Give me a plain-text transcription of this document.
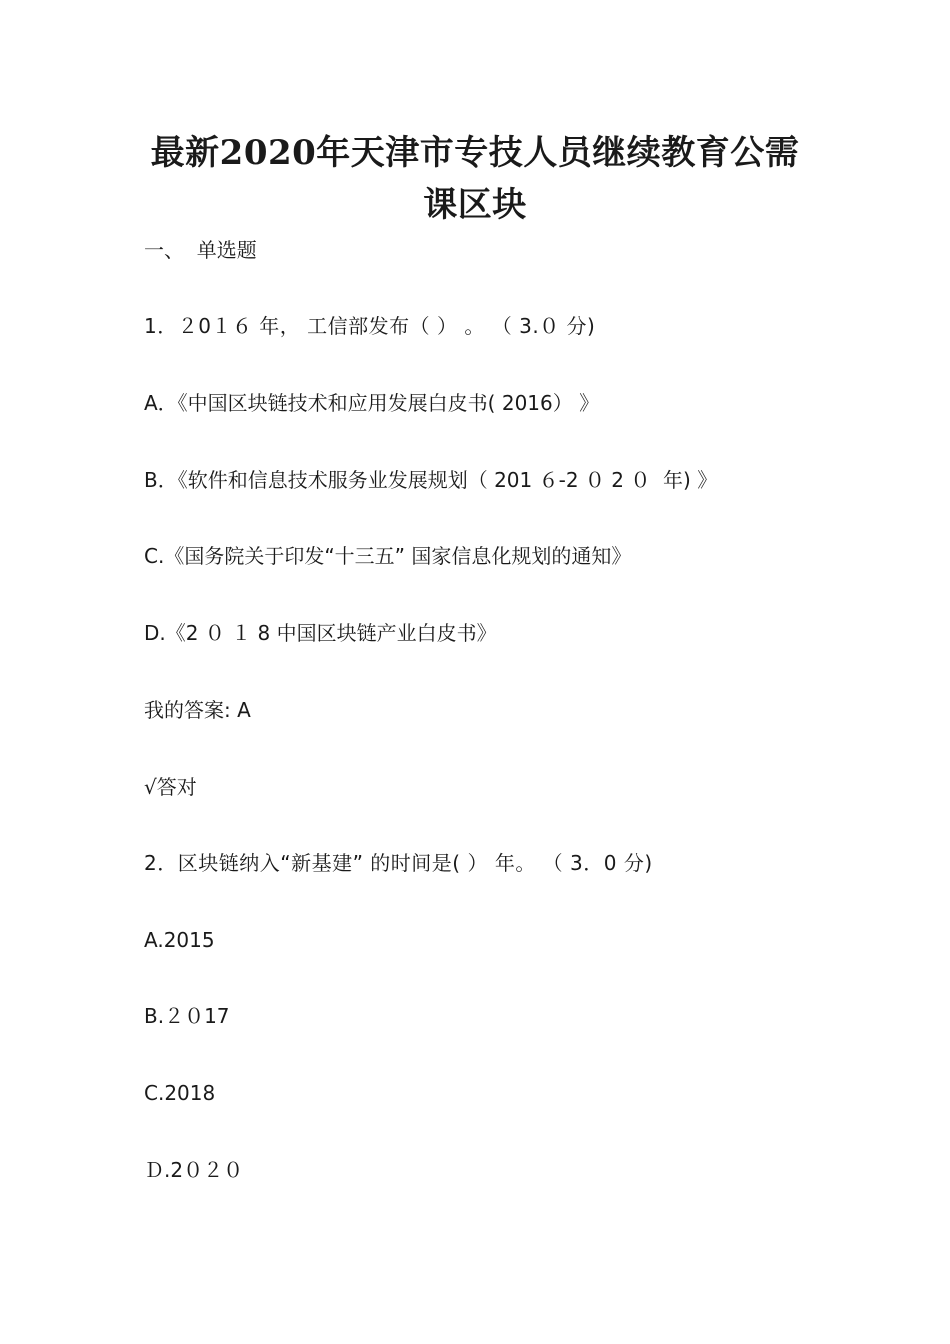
最新2020年天津市专技人员继续教育公需
课区块
一、  单选题
1．２0１６ 年， 工信部发布（ ） 。 （ 3.０ 分)
A．《中国区块链技术和应用发展白皮书( 2016） 》
B．《软件和信息技术服务业发展规划（ 201 ６-2 ０ 2 ０  年) 》
C.《国务院关于印发“十三五” 国家信息化规划的通知》
D.《2 ０ １ 8 中国区块链产业白皮书》
我的答案: A
√答对
2．区块链纳入“新基建” 的时间是( ） 年。 （ 3．0 分)
A.2015
B.２０17
C.2018
Ｄ.2０２０
